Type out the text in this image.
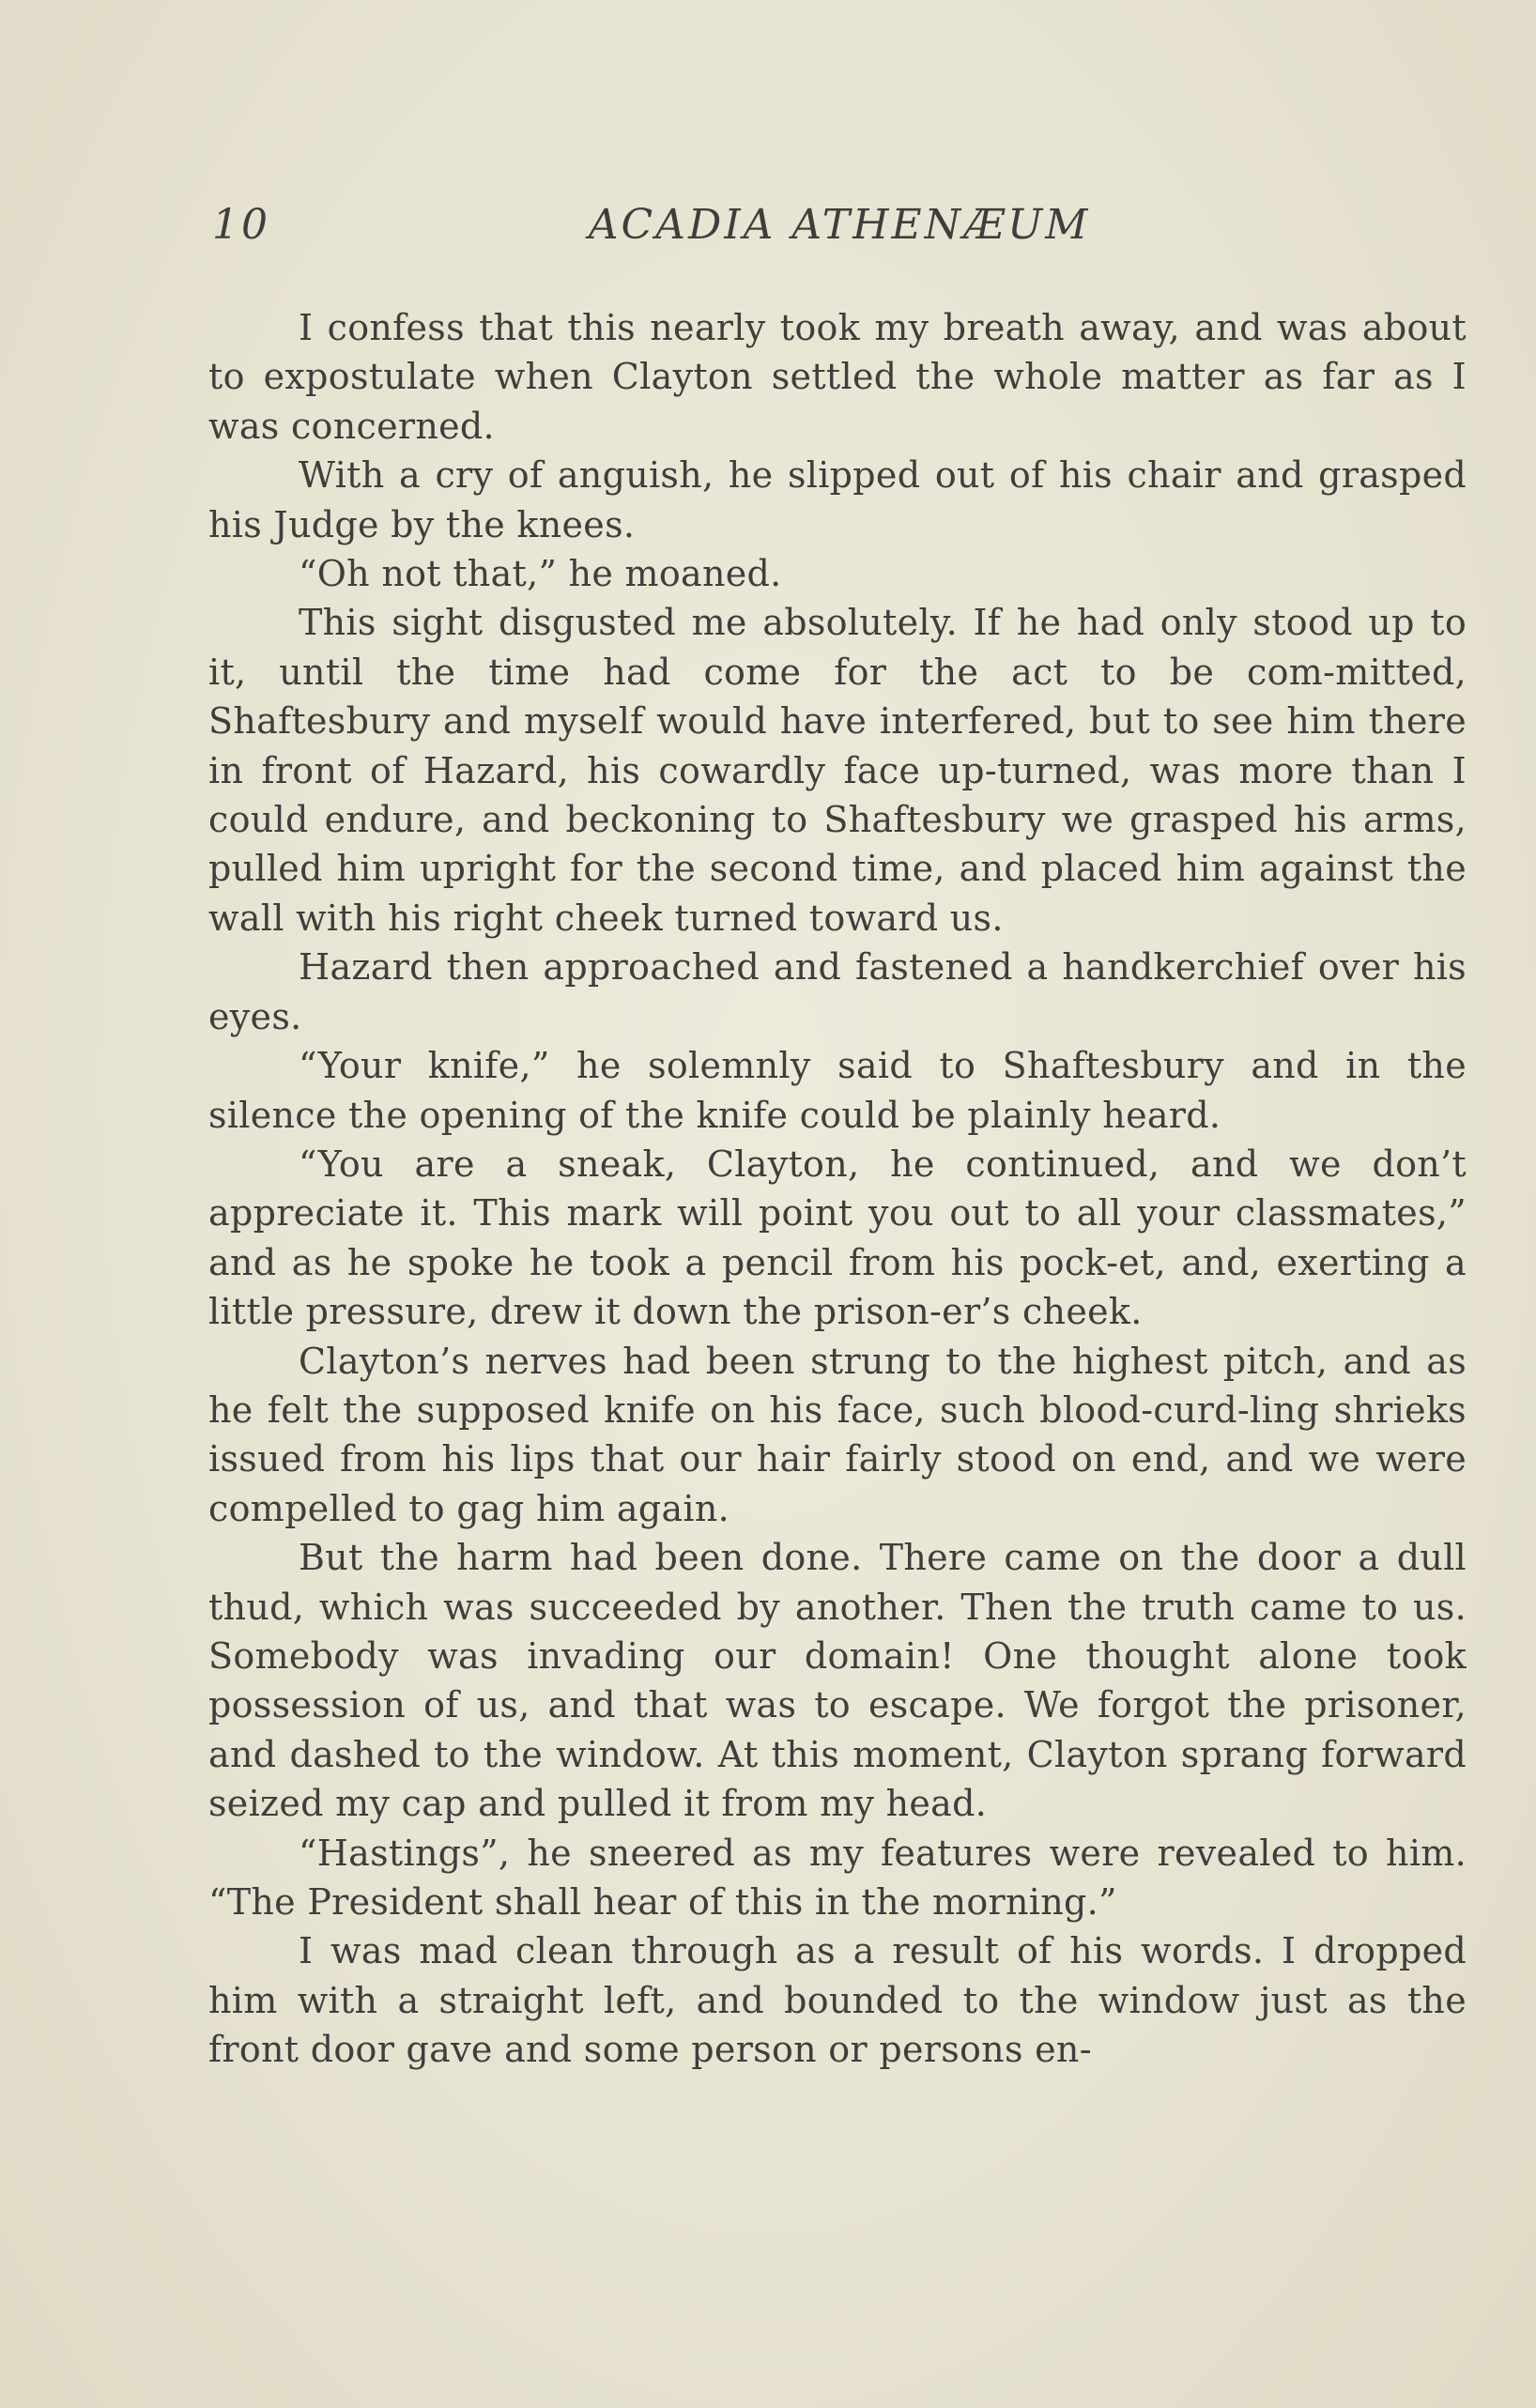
10	ACADIA ATHENÆUM

I confess that this nearly took my breath away, and was about to expostulate when Clayton settled the whole matter as far as I was concerned.

With a cry of anguish, he slipped out of his chair and grasped his Judge by the knees.

“Oh not that,” he moaned.

This sight disgusted me absolutely. If he had only stood up to it, until the time had come for the act to be com-mitted, Shaftesbury and myself would have interfered, but to see him there in front of Hazard, his cowardly face up-turned, was more than I could endure, and beckoning to Shaftesbury we grasped his arms, pulled him upright for the second time, and placed him against the wall with his right cheek turned toward us.

Hazard then approached and fastened a handkerchief over his eyes.

“Your knife,” he solemnly said to Shaftesbury and in the silence the opening of the knife could be plainly heard.

“You are a sneak, Clayton, he continued, and we don’t appreciate it. This mark will point you out to all your classmates,” and as he spoke he took a pencil from his pock-et, and, exerting a little pressure, drew it down the prison-er’s cheek.

Clayton’s nerves had been strung to the highest pitch, and as he felt the supposed knife on his face, such blood-curd-ling shrieks issued from his lips that our hair fairly stood on end, and we were compelled to gag him again.

But the harm had been done. There came on the door a dull thud, which was succeeded by another. Then the truth came to us. Somebody was invading our domain! One thought alone took possession of us, and that was to escape. We forgot the prisoner, and dashed to the window. At this moment, Clayton sprang forward seized my cap and pulled it from my head.

“Hastings”, he sneered as my features were revealed to him. “The President shall hear of this in the morning.”

I was mad clean through as a result of his words. I dropped him with a straight left, and bounded to the window just as the front door gave and some person or persons en-
